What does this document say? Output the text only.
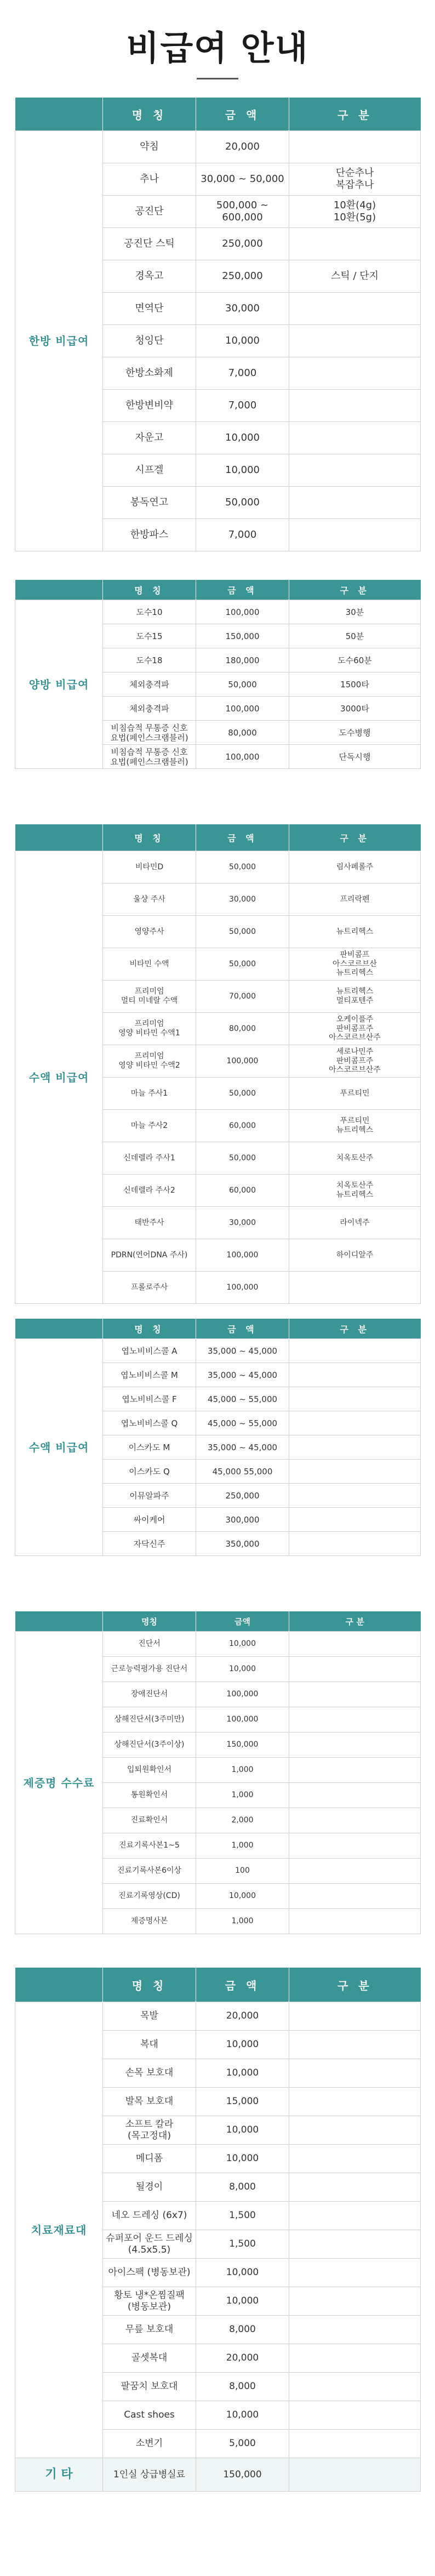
비급여 안내
	명 칭	금 액	구 분
한방 비급여	약침	20,000	
	추나	30,000 ~ 50,000	단순추나
복잡추나
	공진단	500,000 ~ 600,000	10환(4g)
10환(5g)
	공진단 스틱	250,000	
	경옥고	250,000	스틱 / 단지
	면역단	30,000	
	청잉단	10,000	
	한방소화제	7,000	
	한방변비약	7,000	
	자운고	10,000	
	시프겔	10,000	
	봉독연고	50,000	
	한방파스	7,000	
	명 칭	금 액	구 분
양방 비급여	도수10	100,000	30분
	도수15	150,000	50분
	도수18	180,000	도수60분
	체외충격파	50,000	1500타
	체외충격파	100,000	3000타
	비침습적 무통증 신호
요법(페인스크램블러)	80,000	도수병행
	비침습적 무통증 신호
요법(페인스크램블러)	100,000	단독시행
	명 칭	금 액	구 분
수액 비급여	비타민D	50,000	림사페롤주
	울샹 주사	30,000	프리락펜
	영양주사	50,000	뉴트리헥스
	비타민 수액	50,000	판비콤프
아스코르브산
뉴트리헥스
	프리미엄
멀티 미네랄 수액	70,000	뉴트리헥스
멀티포텐주
	프리미엄
영양 비타민 수액1	80,000	오케이플주
판비콤프주
아스코르브산주
	프리미엄
영양 비타민 수액2	100,000	세로나민주
판비콤프주
아스코르브산주
	마늘 주사1	50,000	푸르티민
	마늘 주사2	60,000	푸르티민
뉴트리헥스
	신데렐라 주사1	50,000	치옥토산주
	신데렐라 주사2	60,000	치옥토산주
뉴트리헥스
	태반주사	30,000	라이넥주
	PDRN(연어DNA 주사)	100,000	하이디알주
	프롤로주사	100,000	
	명 칭	금 액	구 분
수액 비급여	엽노비비스콜 A	35,000 ~ 45,000	
	엽노비비스콜 M	35,000 ~ 45,000	
	엽노비비스콜 F	45,000 ~ 55,000	
	엽노비비스콜 Q	45,000 ~ 55,000	
	이스카도 M	35,000 ~ 45,000	
	이스카도 Q	45,000 55,000	
	이뮤알파주	250,000	
	싸이케어	300,000	
	자닥신주	350,000	
	명칭	금액	구 분
제증명 수수료	진단서	10,000	
	근로능력평가용 진단서	10,000	
	장애진단서	100,000	
	상해진단서(3주미만)	100,000	
	상해진단서(3주이상)	150,000	
	입퇴원확인서	1,000	
	통원확인서	1,000	
	진료확인서	2,000	
	진료기록사본1~5	1,000	
	진료기록사본6이상	100	
	진료기록영상(CD)	10,000	
	제증명사본	1,000	
	명 칭	금 액	구 분
치료재료대	목발	20,000	
	복대	10,000	
	손목 보호대	10,000	
	발목 보호대	15,000	
	소프트 칼라
(목고정대)	10,000	
	메디폼	10,000	
	될경이	8,000	
	네오 드레싱 (6x7)	1,500	
	슈퍼포어 운드 드레싱
(4.5x5.5)	1,500	
	아이스팩 (병동보관)	10,000	
	황토 냉*온찜질팩
(병동보관)	10,000	
	무릎 보호대	8,000	
	골셋복대	20,000	
	팔꿈치 보호대	8,000	
	Cast shoes	10,000	
	소변기	5,000	
기 타	1인실 상급병실료	150,000	
